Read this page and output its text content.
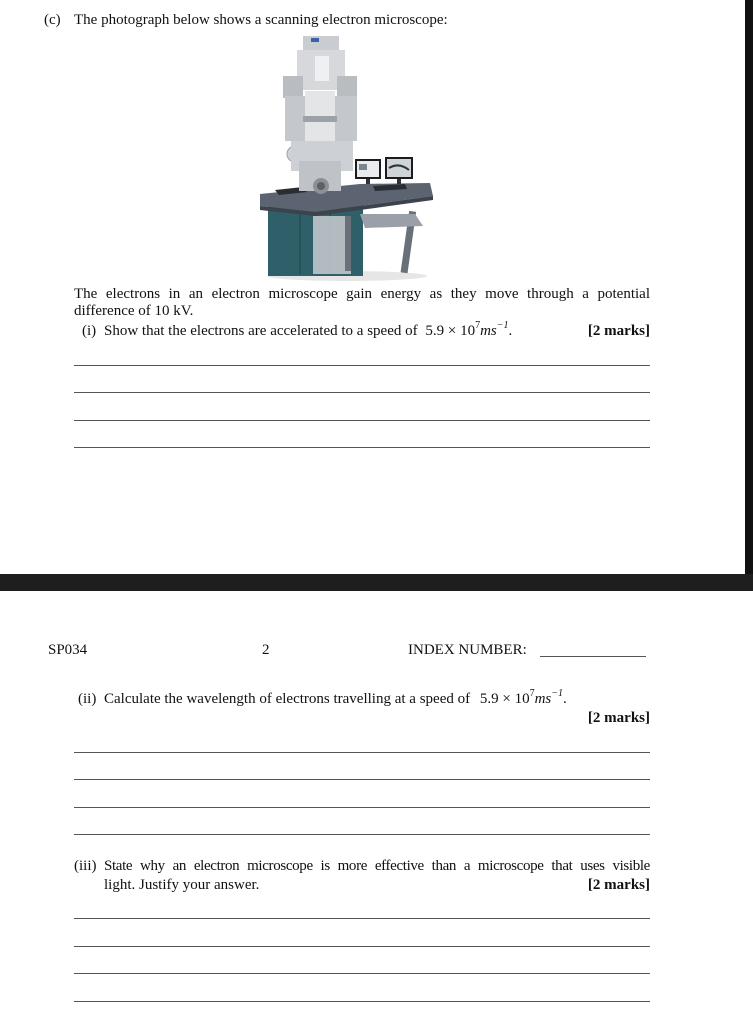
(c) The photograph below shows a scanning electron microscope:
The electrons in an electron microscope gain energy as they move through a potential
difference of 10 kV.
(i) Show that the electrons are accelerated to a speed of $5.9 \times 10^7ms^{-1}$.	[2 marks]
SP034	2	INDEX NUMBER:
(ii) Calculate the wavelength of electrons travelling at a speed of $5.9 \times 10^7ms^{-1}$.
[2 marks]
(iii) State why an electron microscope is more effective than a microscope that uses visible
light. Justify your answer.	[2 marks]
